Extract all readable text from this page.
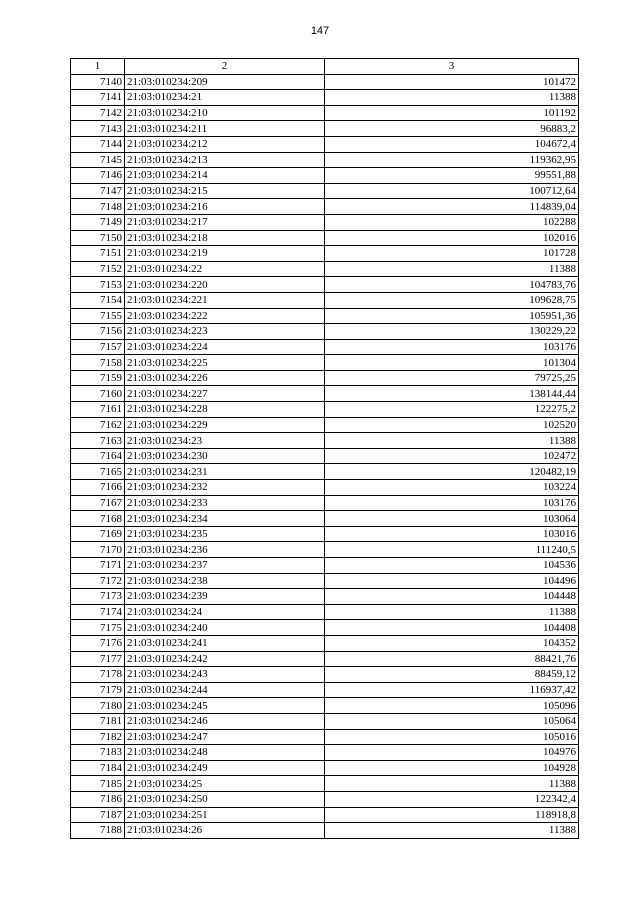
147
1	2	3
7140	21:03:010234:209	101472
7141	21:03:010234:21	11388
7142	21:03:010234:210	101192
7143	21:03:010234:211	96883,2
7144	21:03:010234:212	104672,4
7145	21:03:010234:213	119362,95
7146	21:03:010234:214	99551,88
7147	21:03:010234:215	100712,64
7148	21:03:010234:216	114839,04
7149	21:03:010234:217	102288
7150	21:03:010234:218	102016
7151	21:03:010234:219	101728
7152	21:03:010234:22	11388
7153	21:03:010234:220	104783,76
7154	21:03:010234:221	109628,75
7155	21:03:010234:222	105951,36
7156	21:03:010234:223	130229,22
7157	21:03:010234:224	103176
7158	21:03:010234:225	101304
7159	21:03:010234:226	79725,25
7160	21:03:010234:227	138144,44
7161	21:03:010234:228	122275,2
7162	21:03:010234:229	102520
7163	21:03:010234:23	11388
7164	21:03:010234:230	102472
7165	21:03:010234:231	120482,19
7166	21:03:010234:232	103224
7167	21:03:010234:233	103176
7168	21:03:010234:234	103064
7169	21:03:010234:235	103016
7170	21:03:010234:236	111240,5
7171	21:03:010234:237	104536
7172	21:03:010234:238	104496
7173	21:03:010234:239	104448
7174	21:03:010234:24	11388
7175	21:03:010234:240	104408
7176	21:03:010234:241	104352
7177	21:03:010234:242	88421,76
7178	21:03:010234:243	88459,12
7179	21:03:010234:244	116937,42
7180	21:03:010234:245	105096
7181	21:03:010234:246	105064
7182	21:03:010234:247	105016
7183	21:03:010234:248	104976
7184	21:03:010234:249	104928
7185	21:03:010234:25	11388
7186	21:03:010234:250	122342,4
7187	21:03:010234:251	118918,8
7188	21:03:010234:26	11388
